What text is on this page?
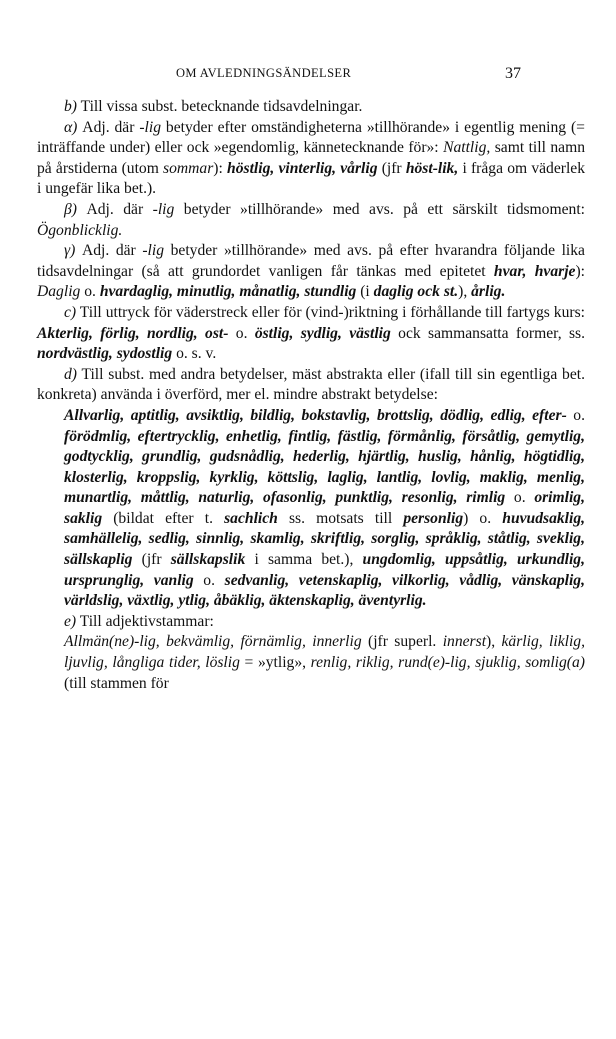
OM AVLEDNINGSÄNDELSER	37

b) Till vissa subst. betecknande tidsavdelningar.

α) Adj. där -lig betyder efter omständigheterna »tillhörande» i egentlig mening (= inträffande under) eller ock »egendomlig, kännetecknande för»: Nattlig, samt till namn på årstiderna (utom sommar): höstlig, vinterlig, vårlig (jfr höst-lik, i fråga om väderlek i ungefär lika bet.).

β) Adj. där -lig betyder »tillhörande» med avs. på ett särskilt tidsmoment: Ögonblicklig.

γ) Adj. där -lig betyder »tillhörande» med avs. på efter hvarandra följande lika tidsavdelningar (så att grundordet vanligen får tänkas med epitetet hvar, hvarje): Daglig o. hvardaglig, minutlig, månatlig, stundlig (i daglig ock st.), årlig.

c) Till uttryck för väderstreck eller för (vind-)riktning i förhållande till fartygs kurs: Akterlig, förlig, nordlig, ost- o. östlig, sydlig, västlig ock sammansatta former, ss. nordvästlig, sydostlig o. s. v.

d) Till subst. med andra betydelser, mäst abstrakta eller (ifall till sin egentliga bet. konkreta) använda i överförd, mer el. mindre abstrakt betydelse:

Allvarlig, aptitlig, avsiktlig, bildlig, bokstavlig, brottslig, dödlig, edlig, efter- o. förödmlig, eftertrycklig, enhetlig, fintlig, fästlig, förmånlig, försåtlig, gemytlig, godtycklig, grundlig, gudsnådlig, hederlig, hjärtlig, huslig, hånlig, högtidlig, klosterlig, kroppslig, kyrklig, köttslig, laglig, lantlig, lovlig, maklig, menlig, munartlig, måttlig, naturlig, ofasonlig, punktlig, resonlig, rimlig o. orimlig, saklig (bildat efter t. sachlich ss. motsats till personlig) o. huvudsaklig, samhällelig, sedlig, sinnlig, skamlig, skriftlig, sorglig, språklig, ståtlig, sveklig, sällskaplig (jfr sällskapslik i samma bet.), ungdomlig, uppsåtlig, urkundlig, ursprunglig, vanlig o. sedvanlig, vetenskaplig, vilkorlig, vådlig, vänskaplig, världslig, växtlig, ytlig, åbäklig, äktenskaplig, äventyrlig.

e) Till adjektivstammar:

Allmän(ne)-lig, bekvämlig, förnämlig, innerlig (jfr superl. innerst), kärlig, liklig, ljuvlig, långliga tider, löslig = »ytlig», renlig, riklig, rund(e)-lig, sjuklig, somlig(a) (till stammen för
